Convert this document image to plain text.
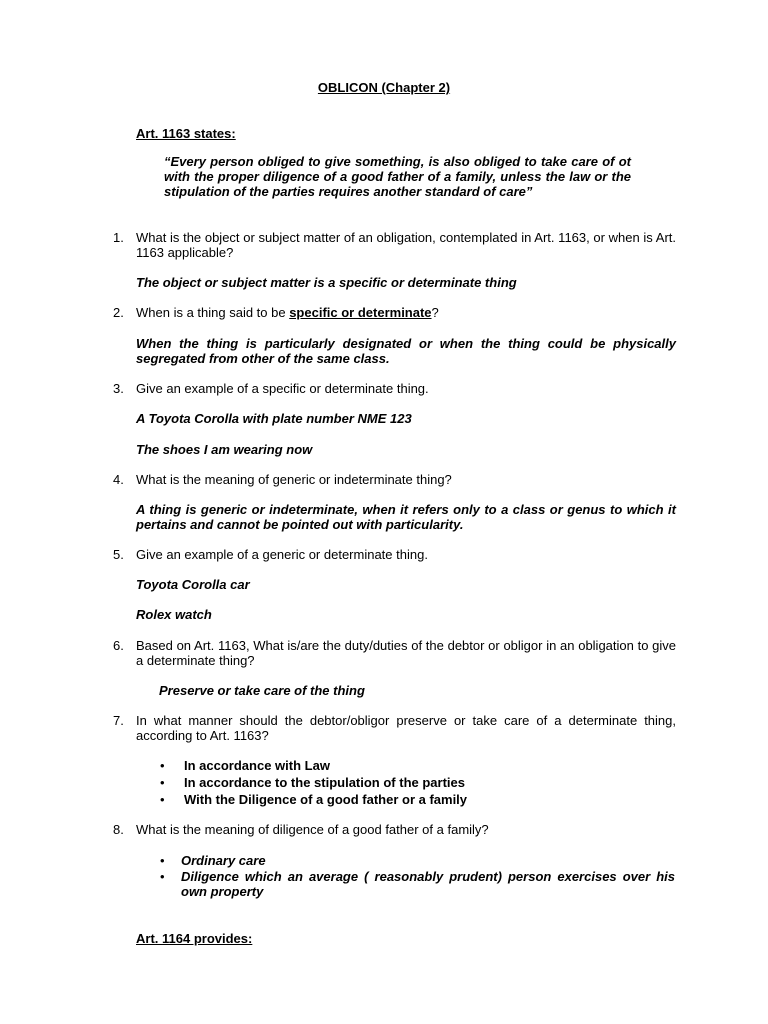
OBLICON (Chapter 2)
Art. 1163 states:
“Every person obliged to give something, is also obliged to take care of ot with the proper diligence of a good father of a family, unless the law or the stipulation of the parties requires another standard of care”
1. What is the object or subject matter of an obligation, contemplated in Art. 1163, or when is Art. 1163 applicable?
The object or subject matter is a specific or determinate thing
2. When is a thing said to be specific or determinate?
When the thing is particularly designated or when the thing could be physically segregated from other of the same class.
3. Give an example of a specific or determinate thing.
A Toyota Corolla with plate number NME 123
The shoes I am wearing now
4. What is the meaning of generic or indeterminate thing?
A thing is generic or indeterminate, when it refers only to a class or genus to which it pertains and cannot be pointed out with particularity.
5. Give an example of a generic or determinate thing.
Toyota Corolla car
Rolex watch
6. Based on Art. 1163, What is/are the duty/duties of the debtor or obligor in an obligation to give a determinate thing?
Preserve or take care of the thing
7. In what manner should the debtor/obligor preserve or take care of a determinate thing, according to Art. 1163?
• In accordance with Law
• In accordance to the stipulation of the parties
• With the Diligence of a good father or a family
8. What is the meaning of diligence of a good father of a family?
• Ordinary care
• Diligence which an average ( reasonably prudent) person exercises over his own property
Art. 1164 provides:
